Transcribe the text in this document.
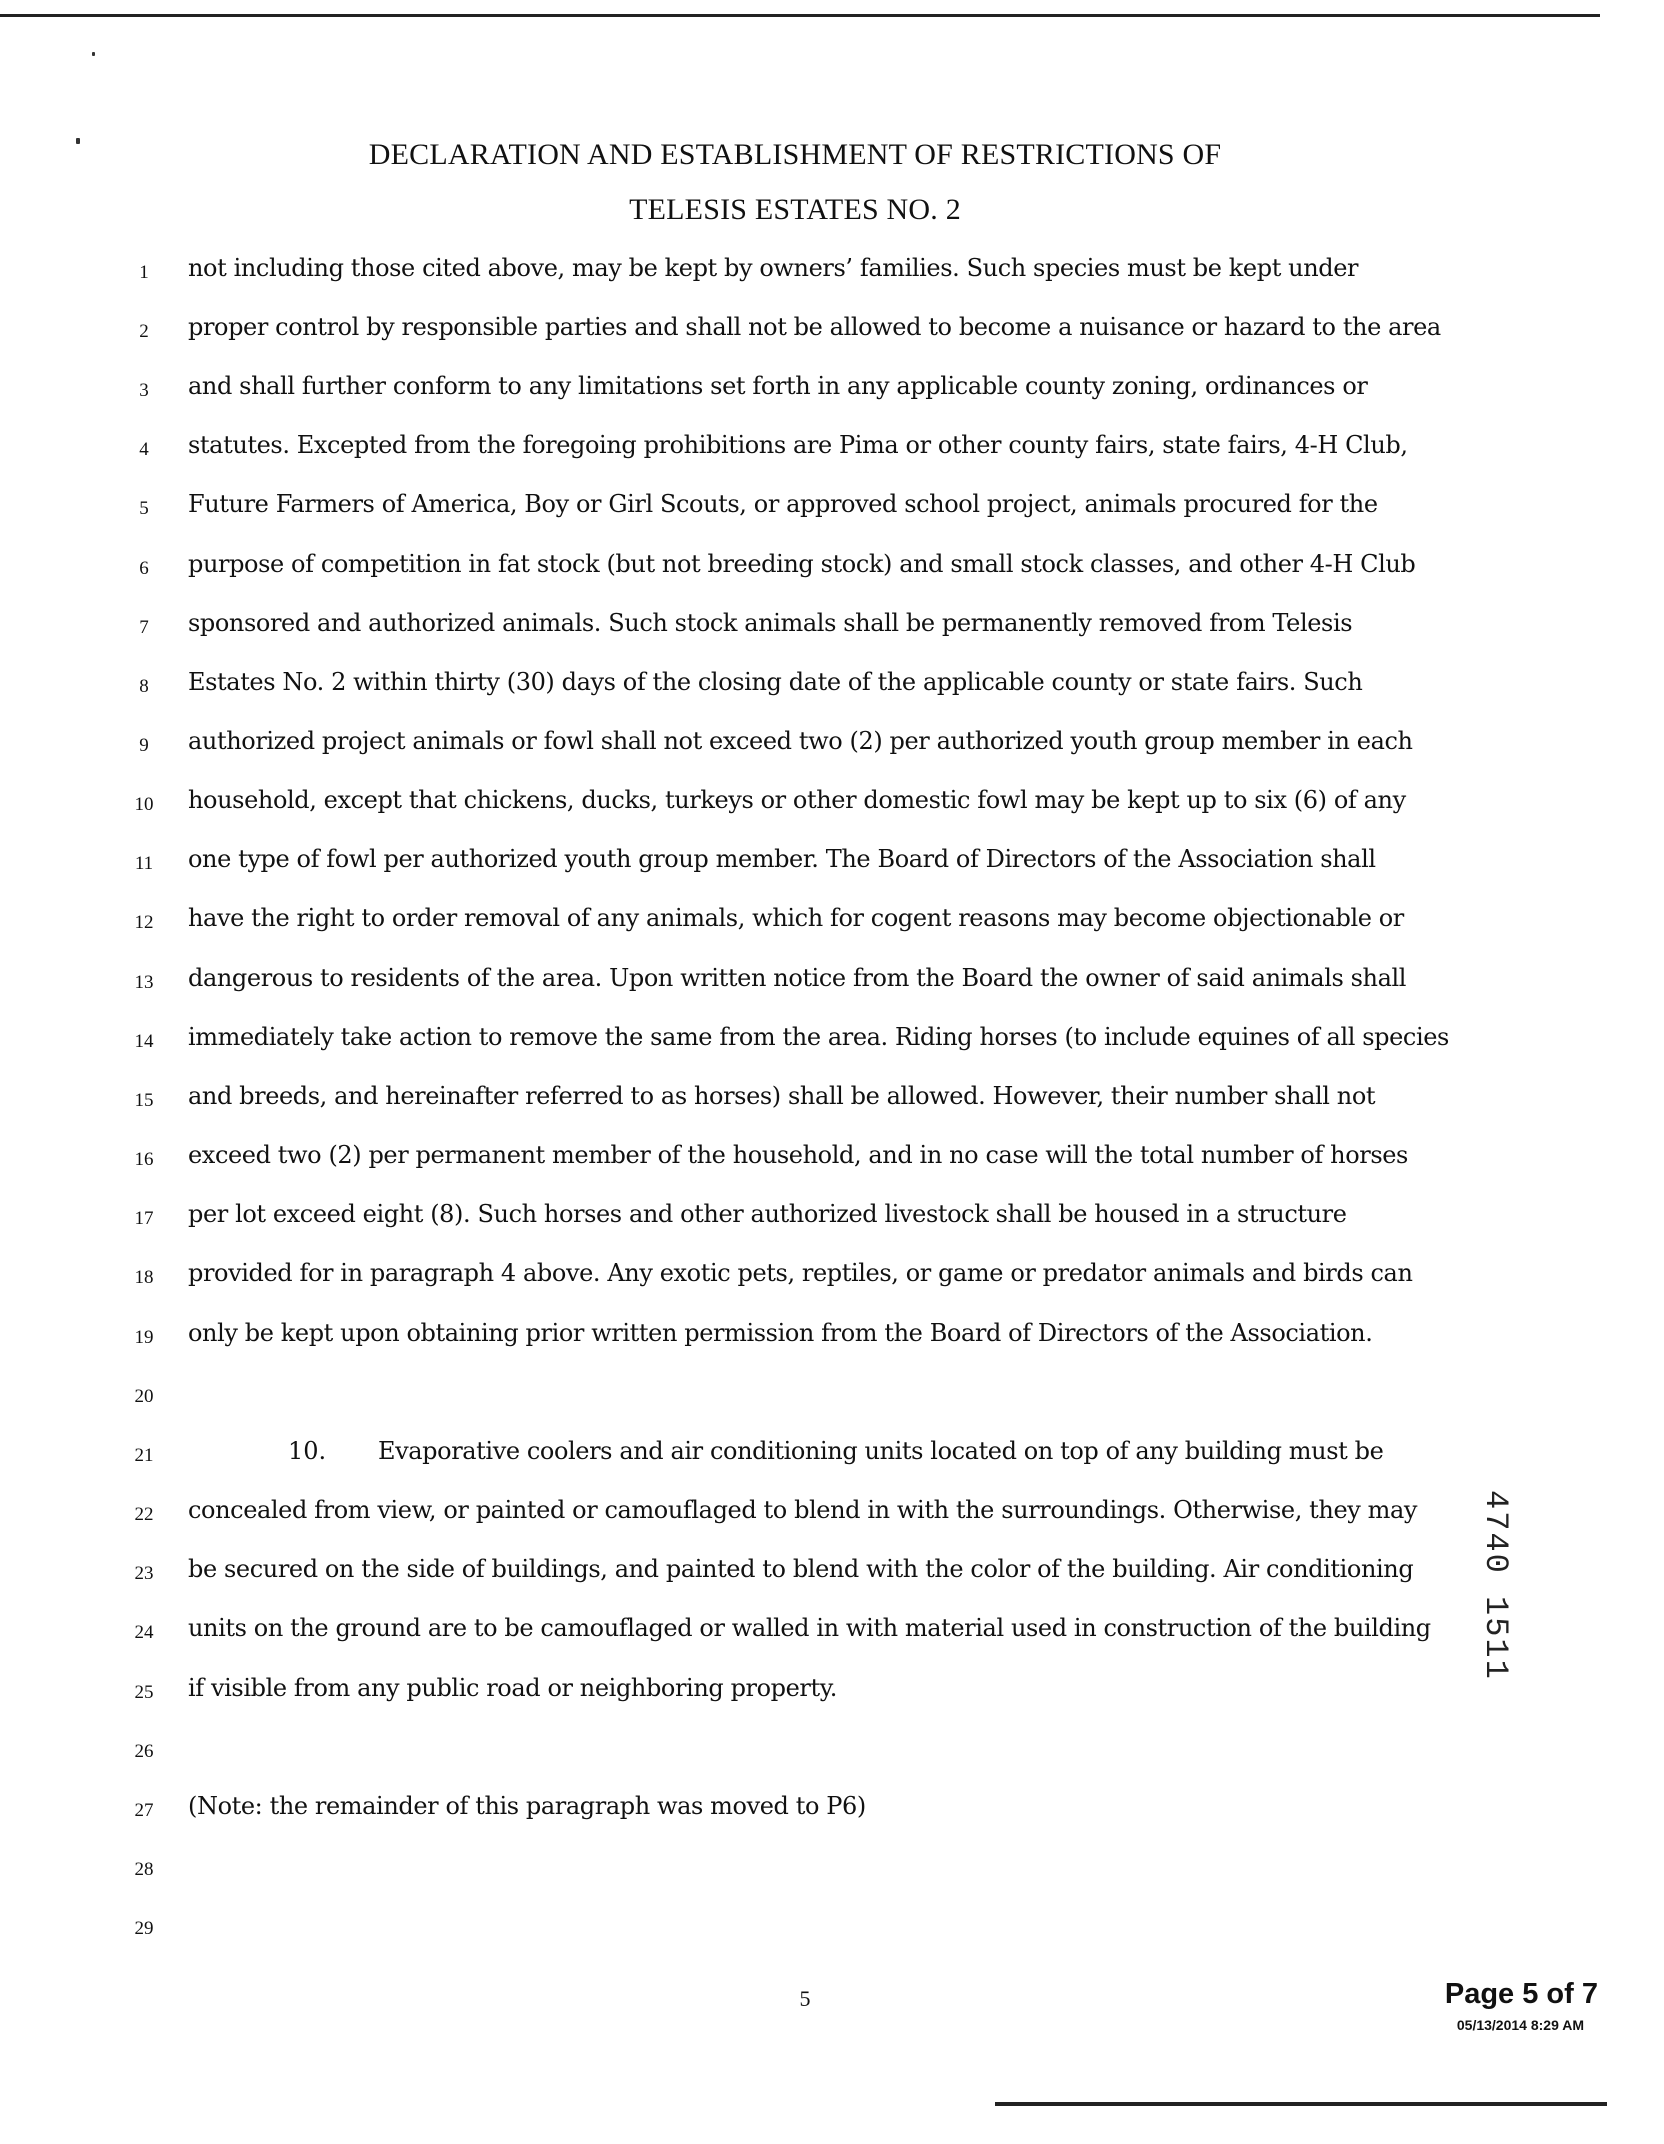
DECLARATION AND ESTABLISHMENT OF RESTRICTIONS OF
TELESIS ESTATES NO. 2
1	not including those cited above, may be kept by owners’ families. Such species must be kept under
2	proper control by responsible parties and shall not be allowed to become a nuisance or hazard to the area
3	and shall further conform to any limitations set forth in any applicable county zoning, ordinances or
4	statutes. Excepted from the foregoing prohibitions are Pima or other county fairs, state fairs, 4-H Club,
5	Future Farmers of America, Boy or Girl Scouts, or approved school project, animals procured for the
6	purpose of competition in fat stock (but not breeding stock) and small stock classes, and other 4-H Club
7	sponsored and authorized animals. Such stock animals shall be permanently removed from Telesis
8	Estates No. 2 within thirty (30) days of the closing date of the applicable county or state fairs. Such
9	authorized project animals or fowl shall not exceed two (2) per authorized youth group member in each
10	household, except that chickens, ducks, turkeys or other domestic fowl may be kept up to six (6) of any
11	one type of fowl per authorized youth group member. The Board of Directors of the Association shall
12	have the right to order removal of any animals, which for cogent reasons may become objectionable or
13	dangerous to residents of the area. Upon written notice from the Board the owner of said animals shall
14	immediately take action to remove the same from the area. Riding horses (to include equines of all species
15	and breeds, and hereinafter referred to as horses) shall be allowed. However, their number shall not
16	exceed two (2) per permanent member of the household, and in no case will the total number of horses
17	per lot exceed eight (8). Such horses and other authorized livestock shall be housed in a structure
18	provided for in paragraph 4 above. Any exotic pets, reptiles, or game or predator animals and birds can
19	only be kept upon obtaining prior written permission from the Board of Directors of the Association.
20
21	10. Evaporative coolers and air conditioning units located on top of any building must be
22	concealed from view, or painted or camouflaged to blend in with the surroundings. Otherwise, they may
23	be secured on the side of buildings, and painted to blend with the color of the building. Air conditioning
24	units on the ground are to be camouflaged or walled in with material used in construction of the building
25	if visible from any public road or neighboring property.
26
27	(Note: the remainder of this paragraph was moved to P6)
28
29
5
4740 1511
Page 5 of 7
05/13/2014 8:29 AM
